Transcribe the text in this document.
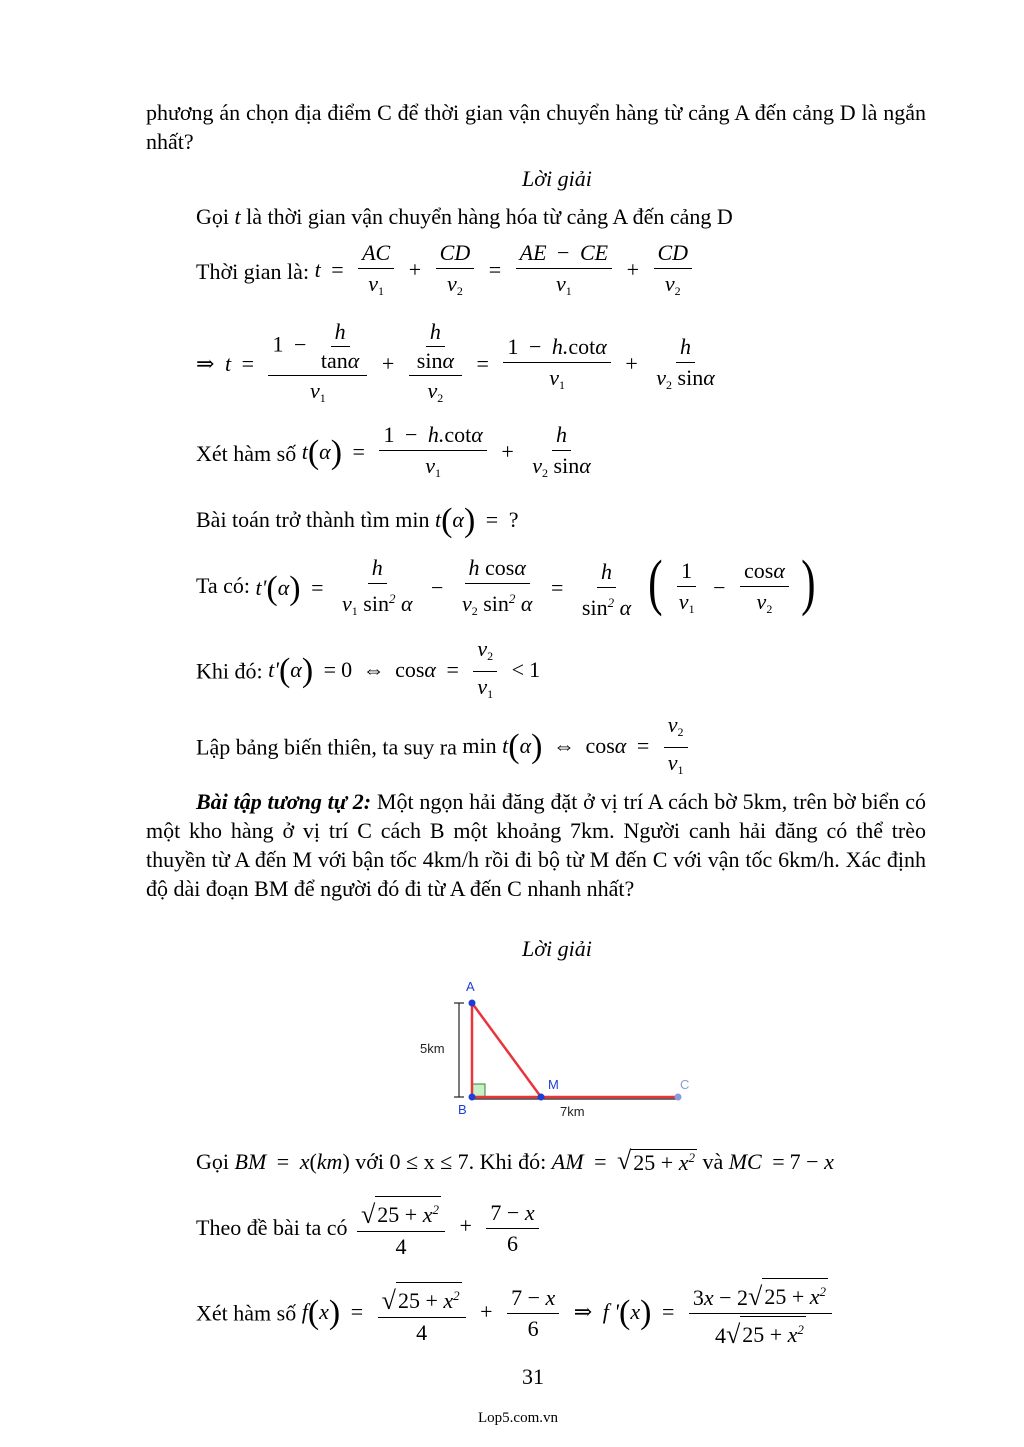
phương án chọn địa điểm C để thời gian vận chuyển hàng từ cảng A đến cảng D là ngắn nhất?
Lời giải
Gọi t là thời gian vận chuyển hàng hóa từ cảng A đến cảng D
Thời gian là: $t = \frac{AC}{v_1} + \frac{CD}{v_2} = \frac{AE - CE}{v_1} + \frac{CD}{v_2}$
⇒ $t = \frac{1 - \frac{h}{\tan\alpha}}{v_1} + \frac{\frac{h}{\sin\alpha}}{v_2} = \frac{1 - h.\cot\alpha}{v_1} + \frac{h}{v_2 \sin\alpha}$
Xét hàm số $t(\alpha) = \frac{1 - h.\cot\alpha}{v_1} + \frac{h}{v_2 \sin\alpha}$
Bài toán trở thành tìm min t(α) = ?
Ta có: $t'(\alpha) = \frac{h}{v_1 \sin^2 \alpha} - \frac{\text{h cosα}}{v_2 \sin^2 \alpha} = \frac{h}{\sin^2 \alpha}$ ( $\frac{1}{v_1} - \frac{\cos\alpha}{v_2}$ )
Khi đó: t'(α) = 0 ⇔ $\cos\alpha = \frac{v_2}{v_1} < 1$
Lập bảng biến thiên, ta suy ra min t(α) ⇔ $\cos\alpha = \frac{v_2}{v_1}$
Bài tập tương tự 2: Một ngọn hải đăng đặt ở vị trí A cách bờ 5km, trên bờ biển có một kho hàng ở vị trí C cách B một khoảng 7km. Người canh hải đăng có thể trèo thuyền từ A đến M với bận tốc 4km/h rồi đi bộ từ M đến C với vận tốc 6km/h. Xác định độ dài đoạn BM để người đó đi từ A đến C nhanh nhất?
Lời giải
A
B
M	C
5km
7km
Gọi BM = x(km) với 0 ≤ x ≤ 7. Khi đó: AM = √ $25 + x^2$ và MC = 7 − x
Theo đề bài ta có $\frac{√ 25 + x^2}{4} + \frac{7 - x}{6}$
Xét hàm số $f(x) = \frac{√ 25 + x^2}{4} + \frac{7 - x}{6}$ ⇒ f '$(x) = \frac{3x - 2 √ 25 + x^2}{4 √ 25 + x^2}$
31
Lop5.com.vn
